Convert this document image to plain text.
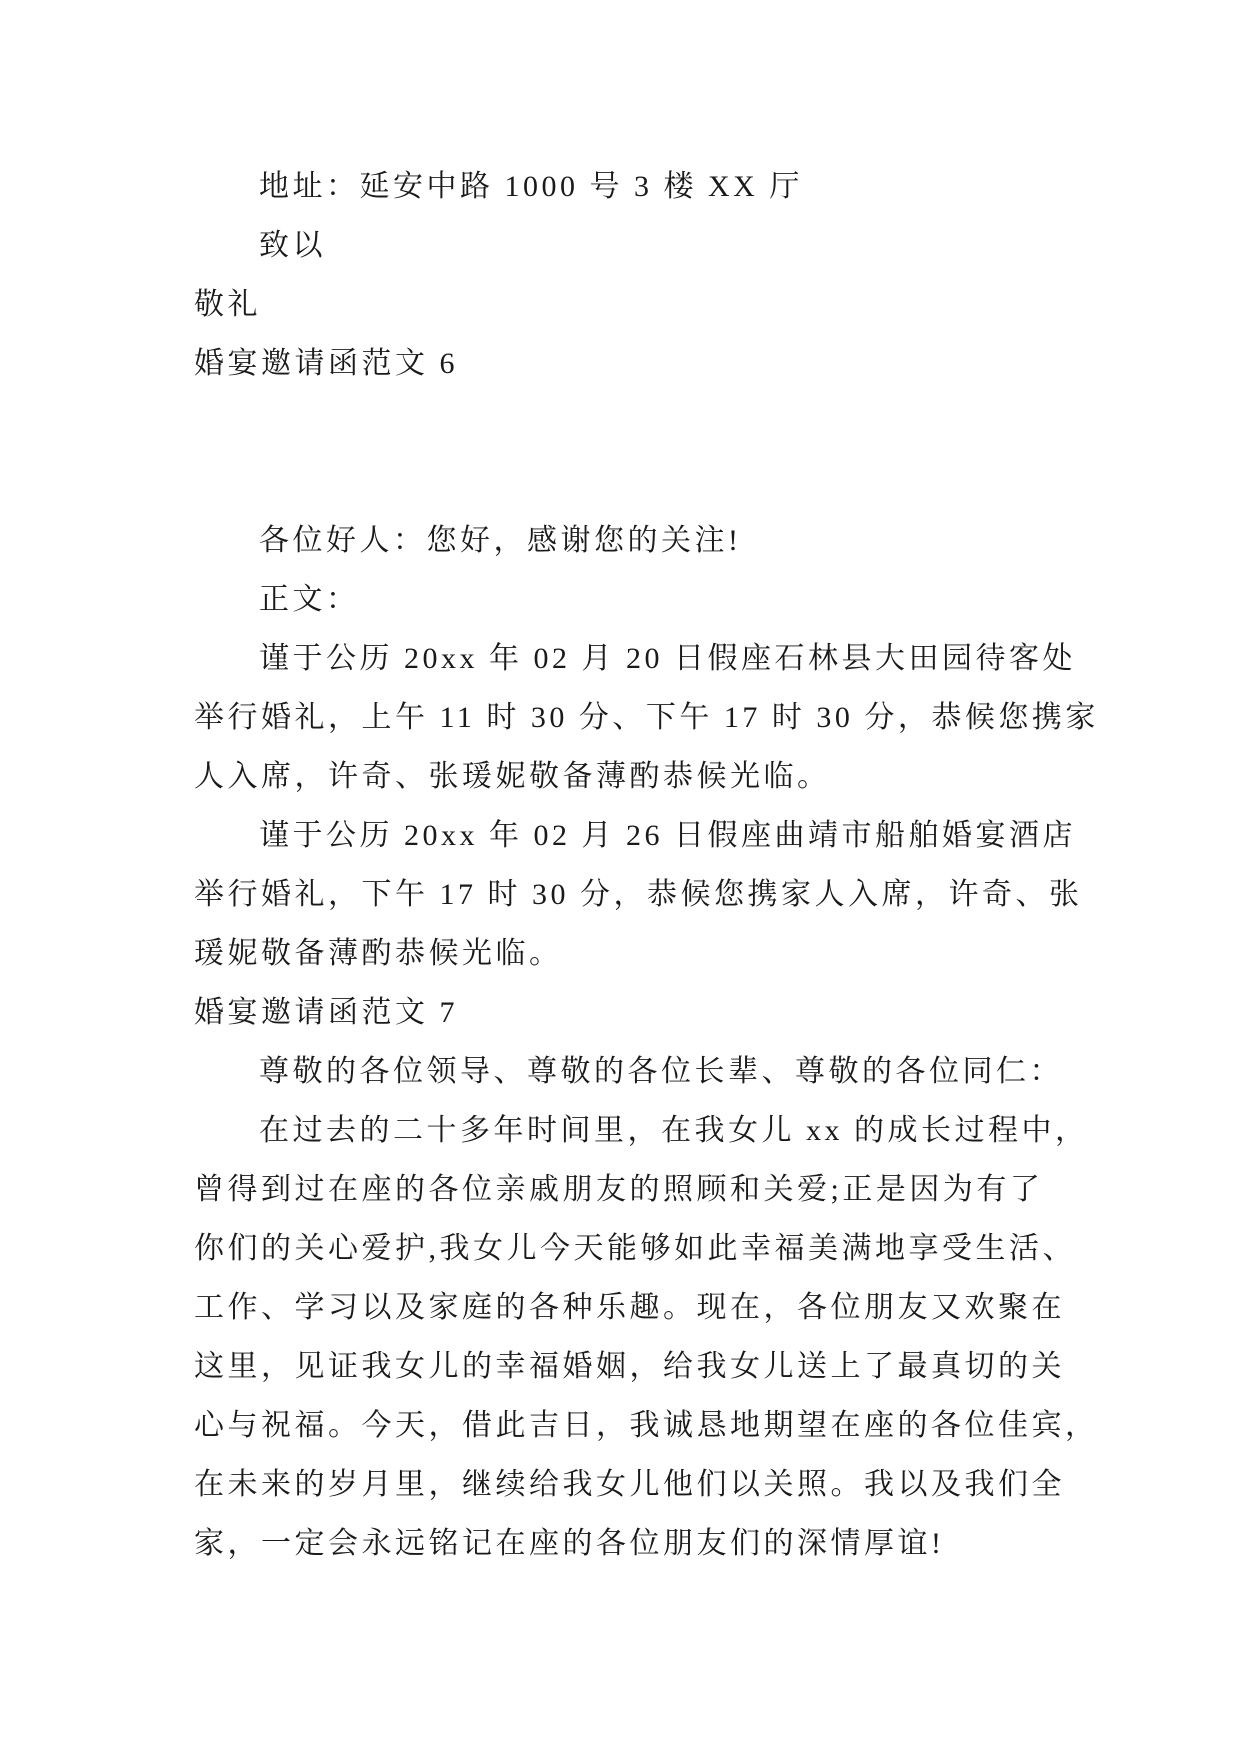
地址：延安中路 1000 号 3 楼 XX 厅
致以
敬礼
婚宴邀请函范文 6
各位好人：您好，感谢您的关注!
正文：
谨于公历 20xx 年 02 月 20 日假座石林县大田园待客处
举行婚礼，上午 11 时 30 分、下午 17 时 30 分，恭候您携家
人入席，许奇、张瑗妮敬备薄酌恭候光临。
谨于公历 20xx 年 02 月 26 日假座曲靖市船舶婚宴酒店
举行婚礼，下午 17 时 30 分，恭候您携家人入席，许奇、张
瑗妮敬备薄酌恭候光临。
婚宴邀请函范文 7
尊敬的各位领导、尊敬的各位长辈、尊敬的各位同仁：
在过去的二十多年时间里，在我女儿 xx 的成长过程中，
曾得到过在座的各位亲戚朋友的照顾和关爱;正是因为有了
你们的关心爱护,我女儿今天能够如此幸福美满地享受生活、
工作、学习以及家庭的各种乐趣。现在，各位朋友又欢聚在
这里，见证我女儿的幸福婚姻，给我女儿送上了最真切的关
心与祝福。今天，借此吉日，我诚恳地期望在座的各位佳宾，
在未来的岁月里，继续给我女儿他们以关照。我以及我们全
家，一定会永远铭记在座的各位朋友们的深情厚谊!
